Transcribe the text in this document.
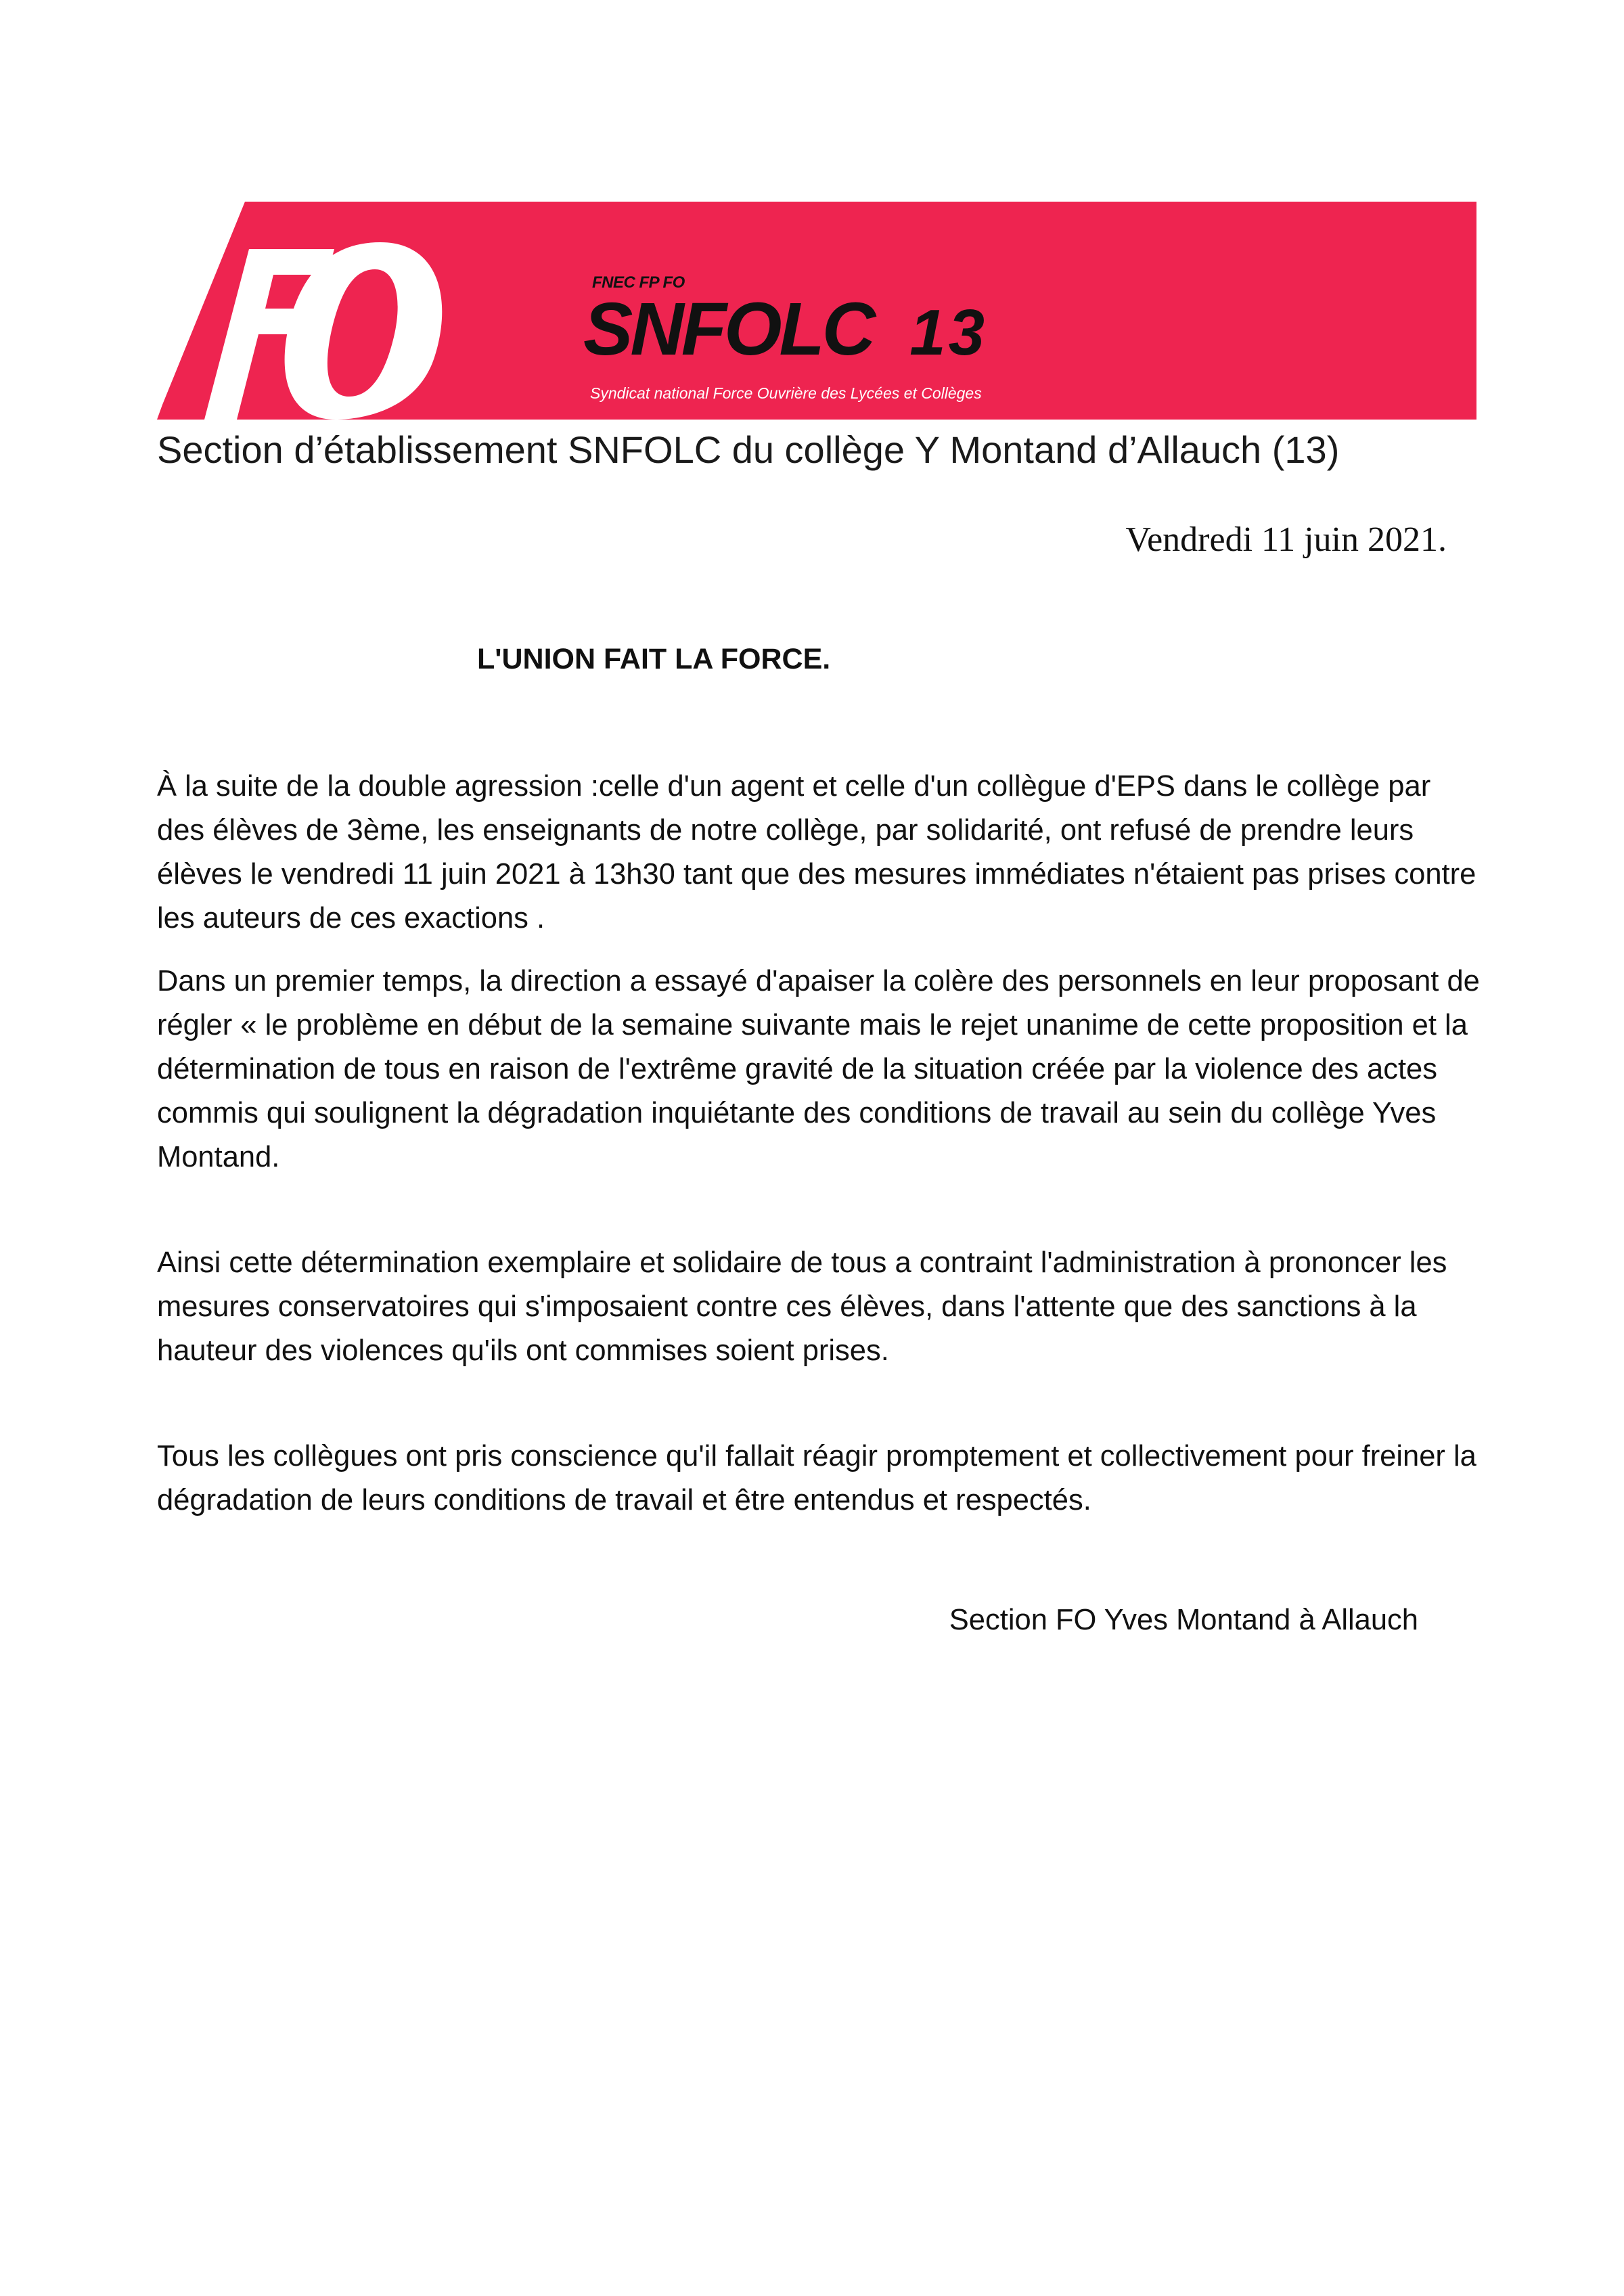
FNEC FP FO
SNFOLC 13
Syndicat national Force Ouvrière des Lycées et Collèges
Section d’établissement SNFOLC du collège Y Montand d’Allauch (13)
Vendredi 11 juin 2021.
L'UNION FAIT LA FORCE.

À la suite de la double agression :celle d'un agent et celle d'un collègue d'EPS dans le collège par des élèves de 3ème, les enseignants de notre collège, par solidarité, ont refusé de prendre leurs élèves le vendredi 11 juin 2021 à 13h30 tant que des mesures immédiates n'étaient pas prises contre les auteurs de ces exactions .

Dans un premier temps, la direction a essayé d'apaiser la colère des personnels en leur proposant de régler « le problème en début de la semaine suivante mais le rejet unanime de cette proposition et la détermination de tous en raison de l'extrême gravité de la situation créée par la violence des actes commis qui soulignent la dégradation inquiétante des conditions de travail au sein du collège Yves Montand.

Ainsi cette détermination exemplaire et solidaire de tous a contraint l'administration à prononcer les mesures conservatoires qui s'imposaient contre ces élèves, dans l'attente que des sanctions à la hauteur des violences qu'ils ont commises soient prises.

Tous les collègues ont pris conscience qu'il fallait réagir promptement et collectivement pour freiner la dégradation de leurs conditions de travail et être entendus et respectés.

Section FO Yves Montand à Allauch
